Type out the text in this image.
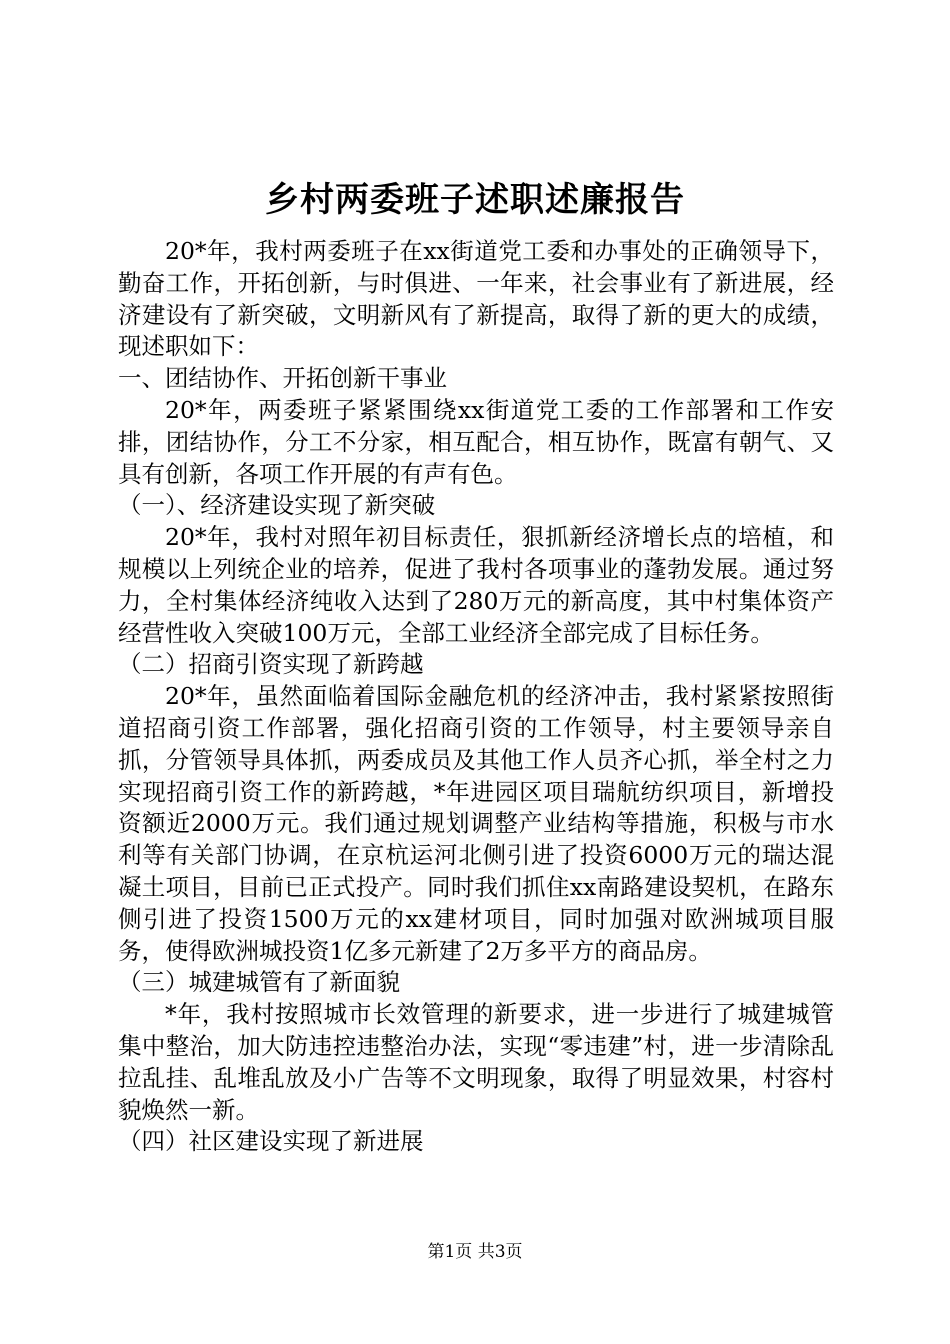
乡村两委班子述职述廉报告

20*年，我村两委班子在xx街道党工委和办事处的正确领导下，勤奋工作，开拓创新，与时俱进、一年来，社会事业有了新进展，经济建设有了新突破，文明新风有了新提高，取得了新的更大的成绩，现述职如下：

一、团结协作、开拓创新干事业

20*年，两委班子紧紧围绕xx街道党工委的工作部署和工作安排，团结协作，分工不分家，相互配合，相互协作，既富有朝气、又具有创新，各项工作开展的有声有色。

（一）、经济建设实现了新突破

20*年，我村对照年初目标责任，狠抓新经济增长点的培植，和规模以上列统企业的培养，促进了我村各项事业的蓬勃发展。通过努力，全村集体经济纯收入达到了280万元的新高度，其中村集体资产经营性收入突破100万元，全部工业经济全部完成了目标任务。

（二）招商引资实现了新跨越

20*年，虽然面临着国际金融危机的经济冲击，我村紧紧按照街道招商引资工作部署，强化招商引资的工作领导，村主要领导亲自抓，分管领导具体抓，两委成员及其他工作人员齐心抓，举全村之力实现招商引资工作的新跨越，*年进园区项目瑞航纺织项目，新增投资额近2000万元。我们通过规划调整产业结构等措施，积极与市水利等有关部门协调，在京杭运河北侧引进了投资6000万元的瑞达混凝土项目，目前已正式投产。同时我们抓住xx南路建设契机，在路东侧引进了投资1500万元的xx建材项目，同时加强对欧洲城项目服务，使得欧洲城投资1亿多元新建了2万多平方的商品房。

（三）城建城管有了新面貌

*年，我村按照城市长效管理的新要求，进一步进行了城建城管集中整治，加大防违控违整治办法，实现“零违建”村，进一步清除乱拉乱挂、乱堆乱放及小广告等不文明现象，取得了明显效果，村容村貌焕然一新。

（四）社区建设实现了新进展

第1页 共3页
